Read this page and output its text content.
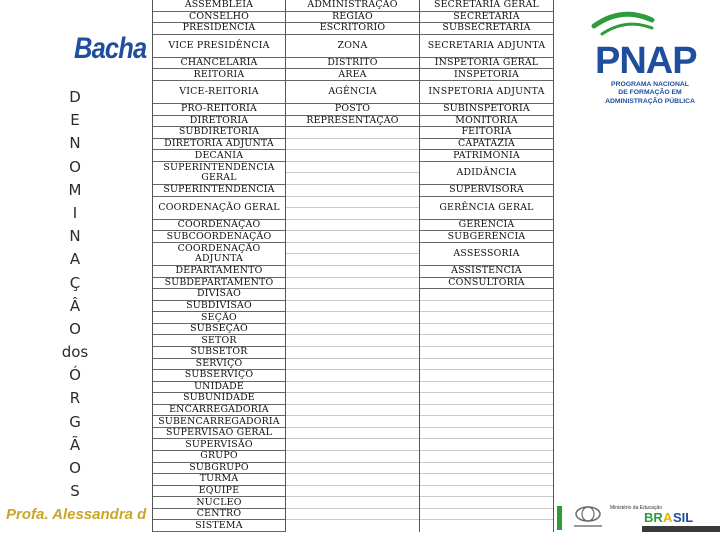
Bacha
D
E
N
O
M
I
N
A
Ç
Â
O
dos
Ó
R
G
Ã
O
S
Profa. Alessandra d
ASSEMBLEIA
CONSELHO
PRESIDÊNCIA
VICE PRESIDÊNCIA
CHANCELARIA
REITORIA
VICE-REITORIA
PRÓ-REITORIA
DIRETORIA
SUBDIRETORIA
DIRETORIA ADJUNTA
DECANIA
SUPERINTENDÊNCIA GERAL
SUPERINTENDÊNCIA
COORDENAÇÃO GERAL
COORDENAÇÃO
SUBCOORDENAÇÃO
COORDENAÇÃO ADJUNTA
DEPARTAMENTO
SUBDEPARTAMENTO
DIVISÃO
SUBDIVISÃO
SEÇÃO
SUBSEÇÃO
SETOR
SUBSETOR
SERVIÇO
SUBSERVIÇO
UNIDADE
SUBUNIDADE
ENCARREGADORIA
SUBENCARREGADORIA
SUPERVISÃO GERAL
SUPERVISÃO
GRUPO
SUBGRUPO
TURMA
EQUIPE
NÚCLEO
CENTRO
SISTEMA
ADMINISTRAÇÃO
REGIÃO
ESCRITÓRIO
ZONA
DISTRITO
ÁREA
AGÊNCIA
POSTO
REPRESENTAÇÃO
SECRETARIA GERAL
SECRETARIA
SUBSECRETARIA
SECRETARIA ADJUNTA
INSPETORIA GERAL
INSPETORIA
INSPETORIA ADJUNTA
SUBINSPETORIA
MONITORIA
FEITORIA
CAPATAZIA
PATRIMÔNIA
ADIDÂNCIA
SUPERVISORA
GERÊNCIA GERAL
GERÊNCIA
SUBGERÊNCIA
ASSESSORIA
ASSISTÊNCIA
CONSULTORIA
PNAP
PROGRAMA NACIONAL
DE FORMAÇÃO EM
ADMINISTRAÇÃO PÚBLICA
BR A SIL
Ministério da Educação
